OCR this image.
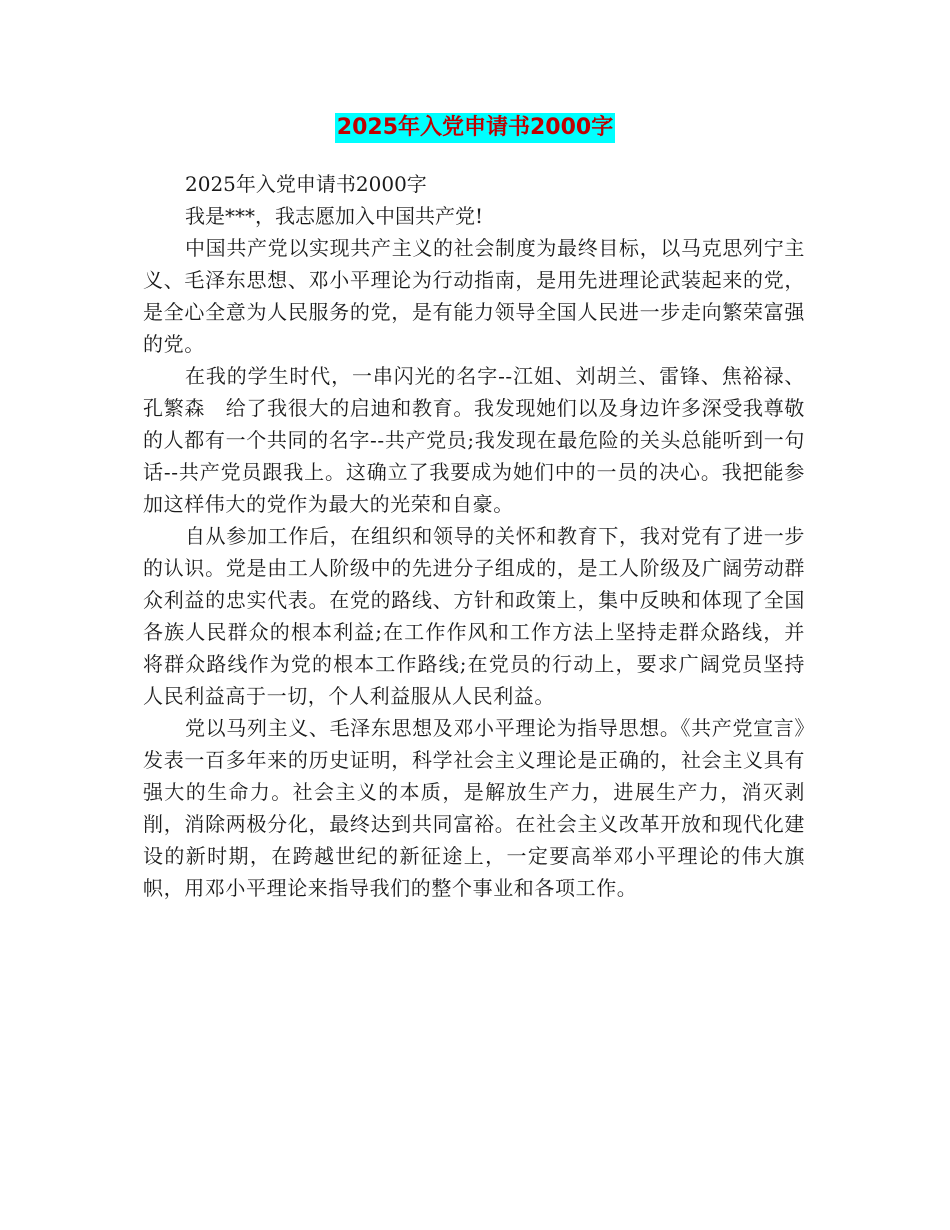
2025年入党申请书2000字

2025年入党申请书2000字

我是***，我志愿加入中国共产党!

中国共产党以实现共产主义的社会制度为最终目标，以马克思列宁主义、毛泽东思想、邓小平理论为行动指南，是用先进理论武装起来的党，是全心全意为人民服务的党，是有能力领导全国人民进一步走向繁荣富强的党。

在我的学生时代，一串闪光的名字--江姐、刘胡兰、雷锋、焦裕禄、孔繁森　给了我很大的启迪和教育。我发现她们以及身边许多深受我尊敬的人都有一个共同的名字--共产党员;我发现在最危险的关头总能听到一句话--共产党员跟我上。这确立了我要成为她们中的一员的决心。我把能参加这样伟大的党作为最大的光荣和自豪。

自从参加工作后，在组织和领导的关怀和教育下，我对党有了进一步的认识。党是由工人阶级中的先进分子组成的，是工人阶级及广阔劳动群众利益的忠实代表。在党的路线、方针和政策上，集中反映和体现了全国各族人民群众的根本利益;在工作作风和工作方法上坚持走群众路线，并将群众路线作为党的根本工作路线;在党员的行动上，要求广阔党员坚持人民利益高于一切，个人利益服从人民利益。

党以马列主义、毛泽东思想及邓小平理论为指导思想。《共产党宣言》发表一百多年来的历史证明，科学社会主义理论是正确的，社会主义具有强大的生命力。社会主义的本质，是解放生产力，进展生产力，消灭剥削，消除两极分化，最终达到共同富裕。在社会主义改革开放和现代化建设的新时期，在跨越世纪的新征途上，一定要高举邓小平理论的伟大旗帜，用邓小平理论来指导我们的整个事业和各项工作。
